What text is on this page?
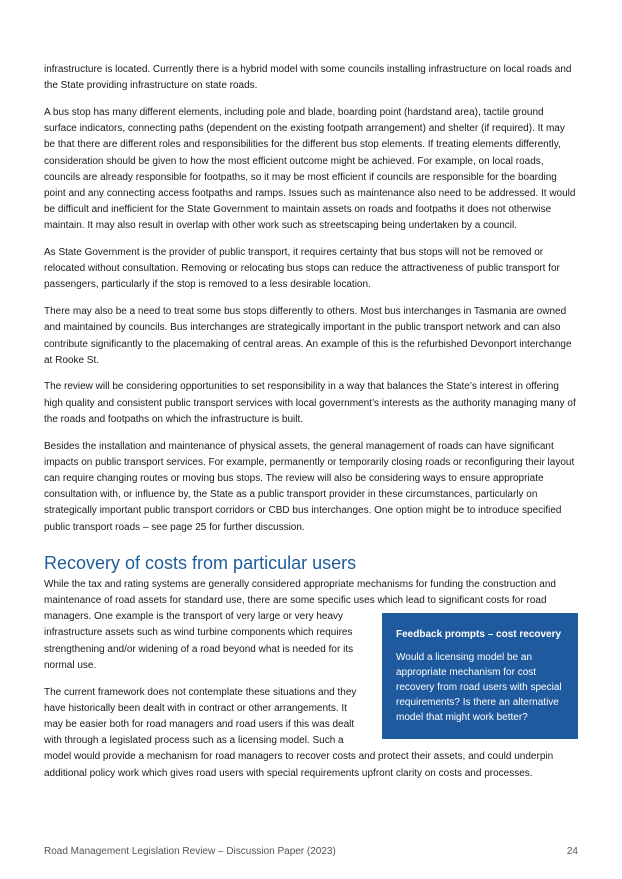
infrastructure is located. Currently there is a hybrid model with some councils installing infrastructure on local roads and the State providing infrastructure on state roads.

A bus stop has many different elements, including pole and blade, boarding point (hardstand area), tactile ground surface indicators, connecting paths (dependent on the existing footpath arrangement) and shelter (if required). It may be that there are different roles and responsibilities for the different bus stop elements. If treating elements differently, consideration should be given to how the most efficient outcome might be achieved. For example, on local roads, councils are already responsible for footpaths, so it may be most efficient if councils are responsible for the boarding point and any connecting access footpaths and ramps. Issues such as maintenance also need to be addressed. It would be difficult and inefficient for the State Government to maintain assets on roads and footpaths it does not otherwise maintain. It may also result in overlap with other work such as streetscaping being undertaken by a council.

As State Government is the provider of public transport, it requires certainty that bus stops will not be removed or relocated without consultation. Removing or relocating bus stops can reduce the attractiveness of public transport for passengers, particularly if the stop is removed to a less desirable location.

There may also be a need to treat some bus stops differently to others. Most bus interchanges in Tasmania are owned and maintained by councils. Bus interchanges are strategically important in the public transport network and can also contribute significantly to the placemaking of central areas. An example of this is the refurbished Devonport interchange at Rooke St.

The review will be considering opportunities to set responsibility in a way that balances the State’s interest in offering high quality and consistent public transport services with local government’s interests as the authority managing many of the roads and footpaths on which the infrastructure is built.

Besides the installation and maintenance of physical assets, the general management of roads can have significant impacts on public transport services. For example, permanently or temporarily closing roads or reconfiguring their layout can require changing routes or moving bus stops. The review will also be considering ways to ensure appropriate consultation with, or influence by, the State as a public transport provider in these circumstances, particularly on strategically important public transport corridors or CBD bus interchanges. One option might be to introduce specified public transport roads – see page 25 for further discussion.

Recovery of costs from particular users

While the tax and rating systems are generally considered appropriate mechanisms for funding the construction and maintenance of road assets for standard use, there are some specific uses which lead to significant costs for
Feedback prompts – cost recovery
Would a licensing model be an appropriate mechanism for cost recovery from road users with special requirements? Is there an alternative model that might work better?
road managers. One example is the transport of very large or very heavy infrastructure assets such as wind turbine components which requires strengthening and/or widening of a road beyond what is needed for its normal use.

The current framework does not contemplate these situations and they have historically been dealt with in contract or other arrangements. It may be easier both for road managers and road users if this was dealt with through a legislated process such as a licensing model. Such a model would provide a mechanism for road managers to recover costs and protect their assets, and could underpin additional policy work which gives road users with special requirements upfront clarity on costs and processes.

Road Management Legislation Review – Discussion Paper (2023)	24
